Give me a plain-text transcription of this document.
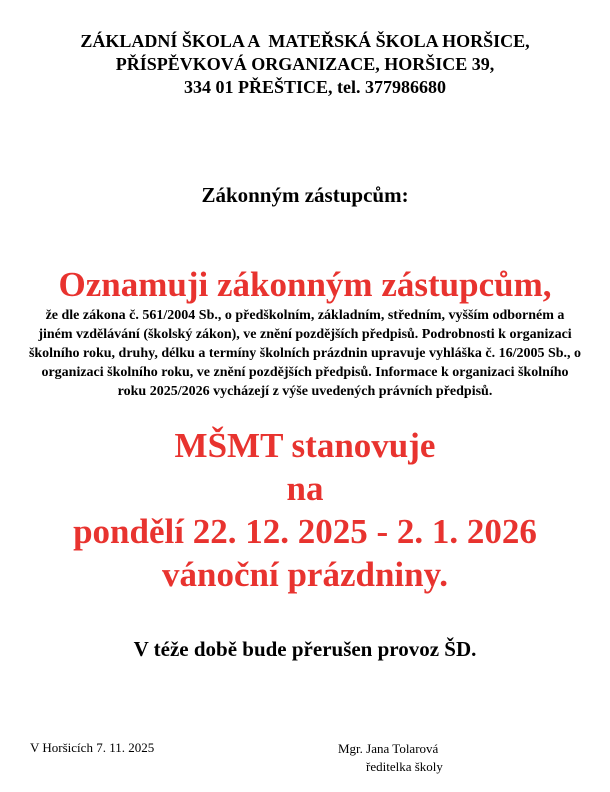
ZÁKLADNÍ ŠKOLA A  MATEŘSKÁ ŠKOLA HORŠICE,
PŘÍSPĚVKOVÁ ORGANIZACE, HORŠICE 39,
334 01 PŘEŠTICE, tel. 377986680
Zákonným zástupcům:
Oznamuji zákonným zástupcům,
že dle zákona č. 561/2004 Sb., o předškolním, základním, středním, vyšším odborném a jiném vzdělávání (školský zákon), ve znění pozdějších předpisů. Podrobnosti k organizaci školního roku, druhy, délku a termíny školních prázdnin upravuje vyhláška č. 16/2005 Sb., o organizaci školního roku, ve znění pozdějších předpisů. Informace k organizaci školního roku 2025/2026 vycházejí z výše uvedených právních předpisů.
MŠMT stanovuje
na
pondělí 22. 12. 2025 - 2. 1. 2026
vánoční prázdniny.
V téže době bude přerušen provoz ŠD.
V Horšicích 7. 11. 2025	Mgr. Jana Tolarová
ředitelka školy
